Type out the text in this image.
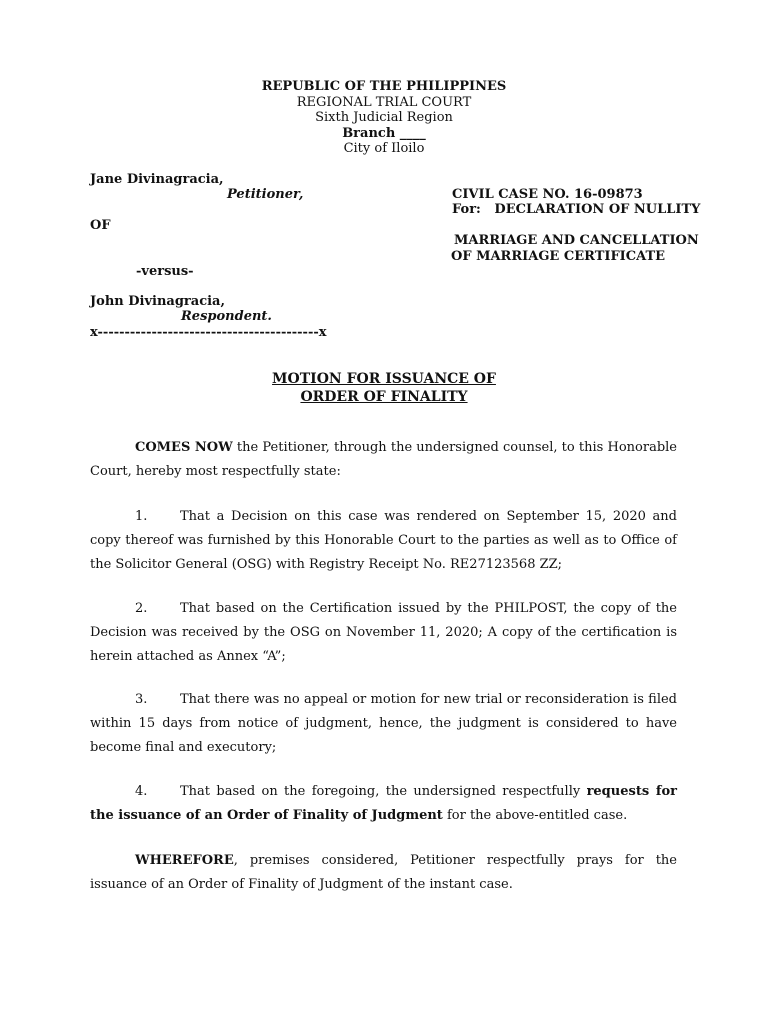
REPUBLIC OF THE PHILIPPINES
REGIONAL TRIAL COURT
Sixth Judicial Region
Branch ____
City of Iloilo
Jane Divinagracia,
Petitioner,
OF
-versus-
John Divinagracia,
Respondent.
x-----------------------------------------x
CIVIL CASE NO. 16-09873
For:   DECLARATION OF NULLITY
MARRIAGE AND CANCELLATION
OF MARRIAGE CERTIFICATE
MOTION FOR ISSUANCE OF
ORDER OF FINALITY
COMES NOW the Petitioner, through the undersigned counsel, to this Honorable Court, hereby most respectfully state:
1.	That a Decision on this case was rendered on September 15, 2020 and copy thereof was furnished by this Honorable Court to the parties as well as to Office of the Solicitor General (OSG) with Registry Receipt No. RE27123568 ZZ;
2.	That based on the Certification issued by the PHILPOST, the copy of the Decision was received by the OSG on November 11, 2020; A copy of the certification is herein attached as Annex “A”;
3.	That there was no appeal or motion for new trial or reconsideration is filed within 15 days from notice of judgment, hence, the judgment is considered to have become final and executory;
4.	That based on the foregoing, the undersigned respectfully requests for the issuance of an Order of Finality of Judgment for the above-entitled case.
WHEREFORE, premises considered, Petitioner respectfully prays for the issuance of an Order of Finality of Judgment of the instant case.
